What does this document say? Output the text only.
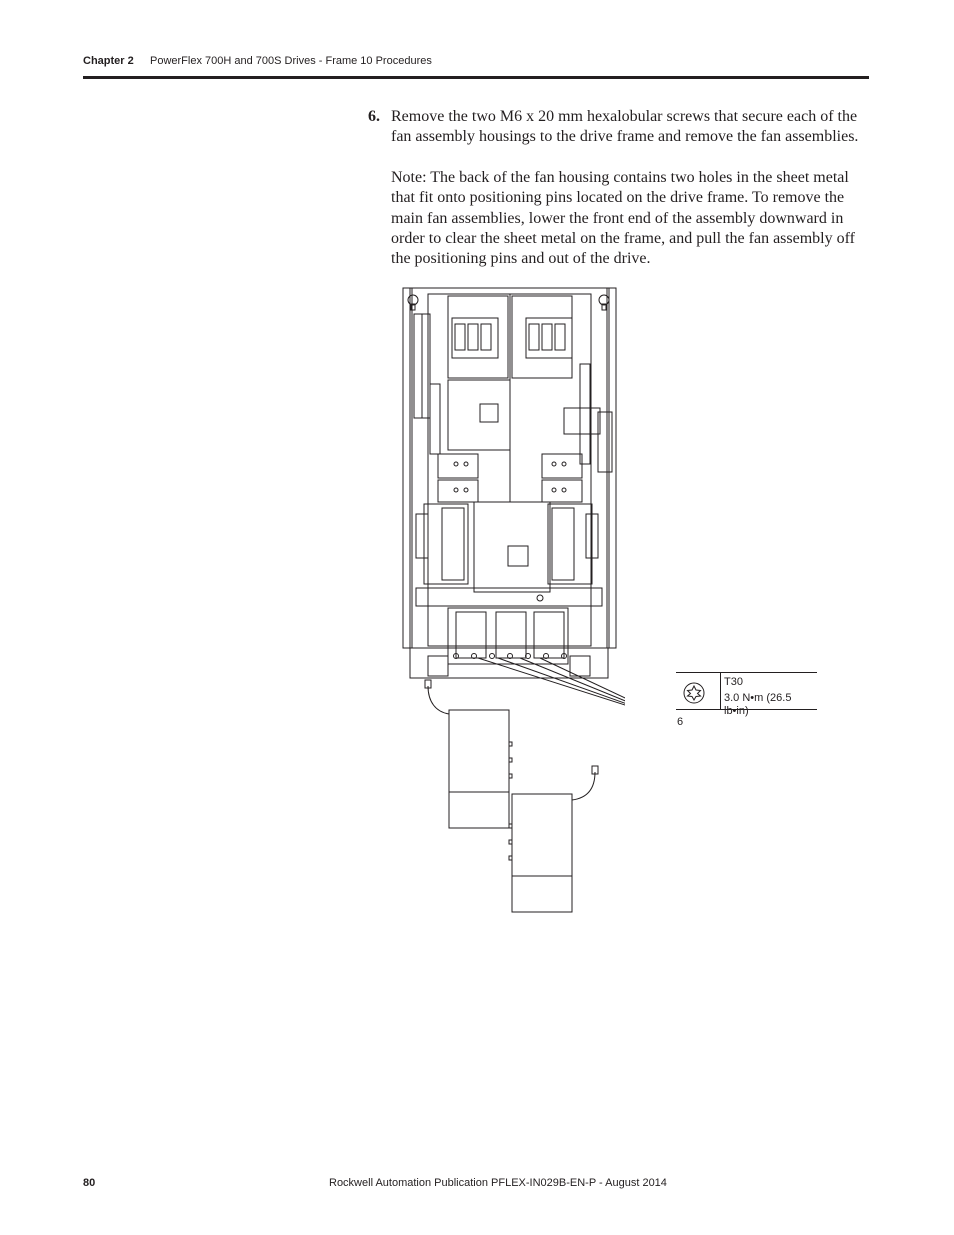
Chapter 2 PowerFlex 700H and 700S Drives - Frame 10 Procedures
6. Remove the two M6 x 20 mm hexalobular screws that secure each of the fan assembly housings to the drive frame and remove the fan assemblies.
Note: The back of the fan housing contains two holes in the sheet metal that fit onto positioning pins located on the drive frame. To remove the main fan assemblies, lower the front end of the assembly downward in order to clear the sheet metal on the frame, and pull the fan assembly off the positioning pins and out of the drive.
T30
3.0 N•m (26.5 lb•in)
6
80	Rockwell Automation Publication PFLEX-IN029B-EN-P - August 2014
